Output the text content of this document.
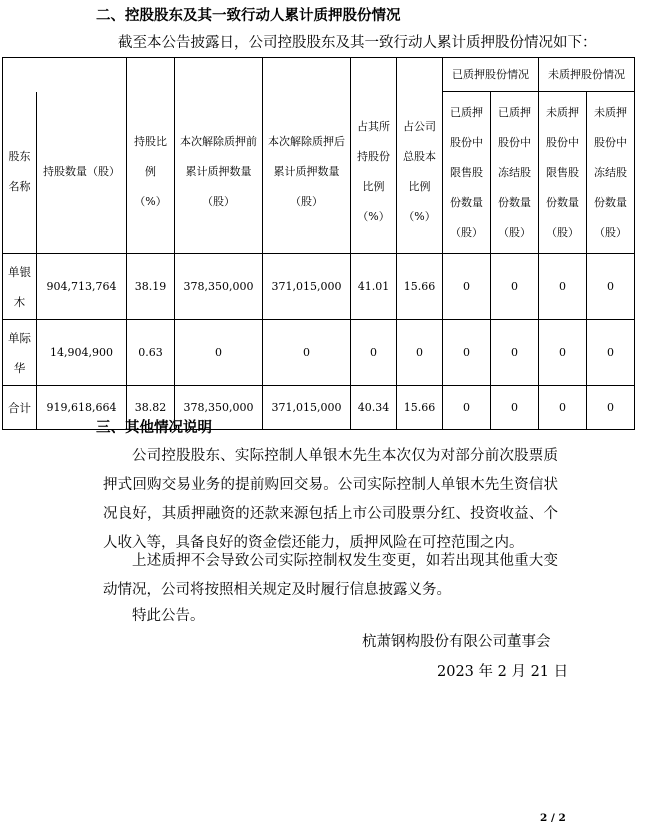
二、控股股东及其一致行动人累计质押股份情况
截至本公告披露日，公司控股股东及其一致行动人累计质押股份情况如下：
							已质押股份情况		未质押股份情况	
股东
名称	持股数量（股）	持股比
例
（%）	本次解除质押前
累计质押数量
（股）	本次解除质押后
累计质押数量
（股）	占其所
持股份
比例
（%）	占公司
总股本
比例
（%）	已质押
股份中
限售股
份数量
（股）	已质押
股份中
冻结股
份数量
（股）	未质押
股份中
限售股
份数量
（股）	未质押
股份中
冻结股
份数量
（股）
单银
木	904,713,764	38.19	378,350,000	371,015,000	41.01	15.66	0	0	0	0
单际
华	14,904,900	0.63	0	0	0	0	0	0	0	0
合计	919,618,664	38.82	378,350,000	371,015,000	40.34	15.66	0	0	0	0
三、其他情况说明
公司控股股东、实际控制人单银木先生本次仅为对部分前次股票质押式回购交易业务的提前购回交易。公司实际控制人单银木先生资信状况良好，其质押融资的还款来源包括上市公司股票分红、投资收益、个人收入等，具备良好的资金偿还能力，质押风险在可控范围之内。
上述质押不会导致公司实际控制权发生变更，如若出现其他重大变动情况，公司将按照相关规定及时履行信息披露义务。
特此公告。
杭萧钢构股份有限公司董事会
2023 年 2 月 21 日
2 / 2
